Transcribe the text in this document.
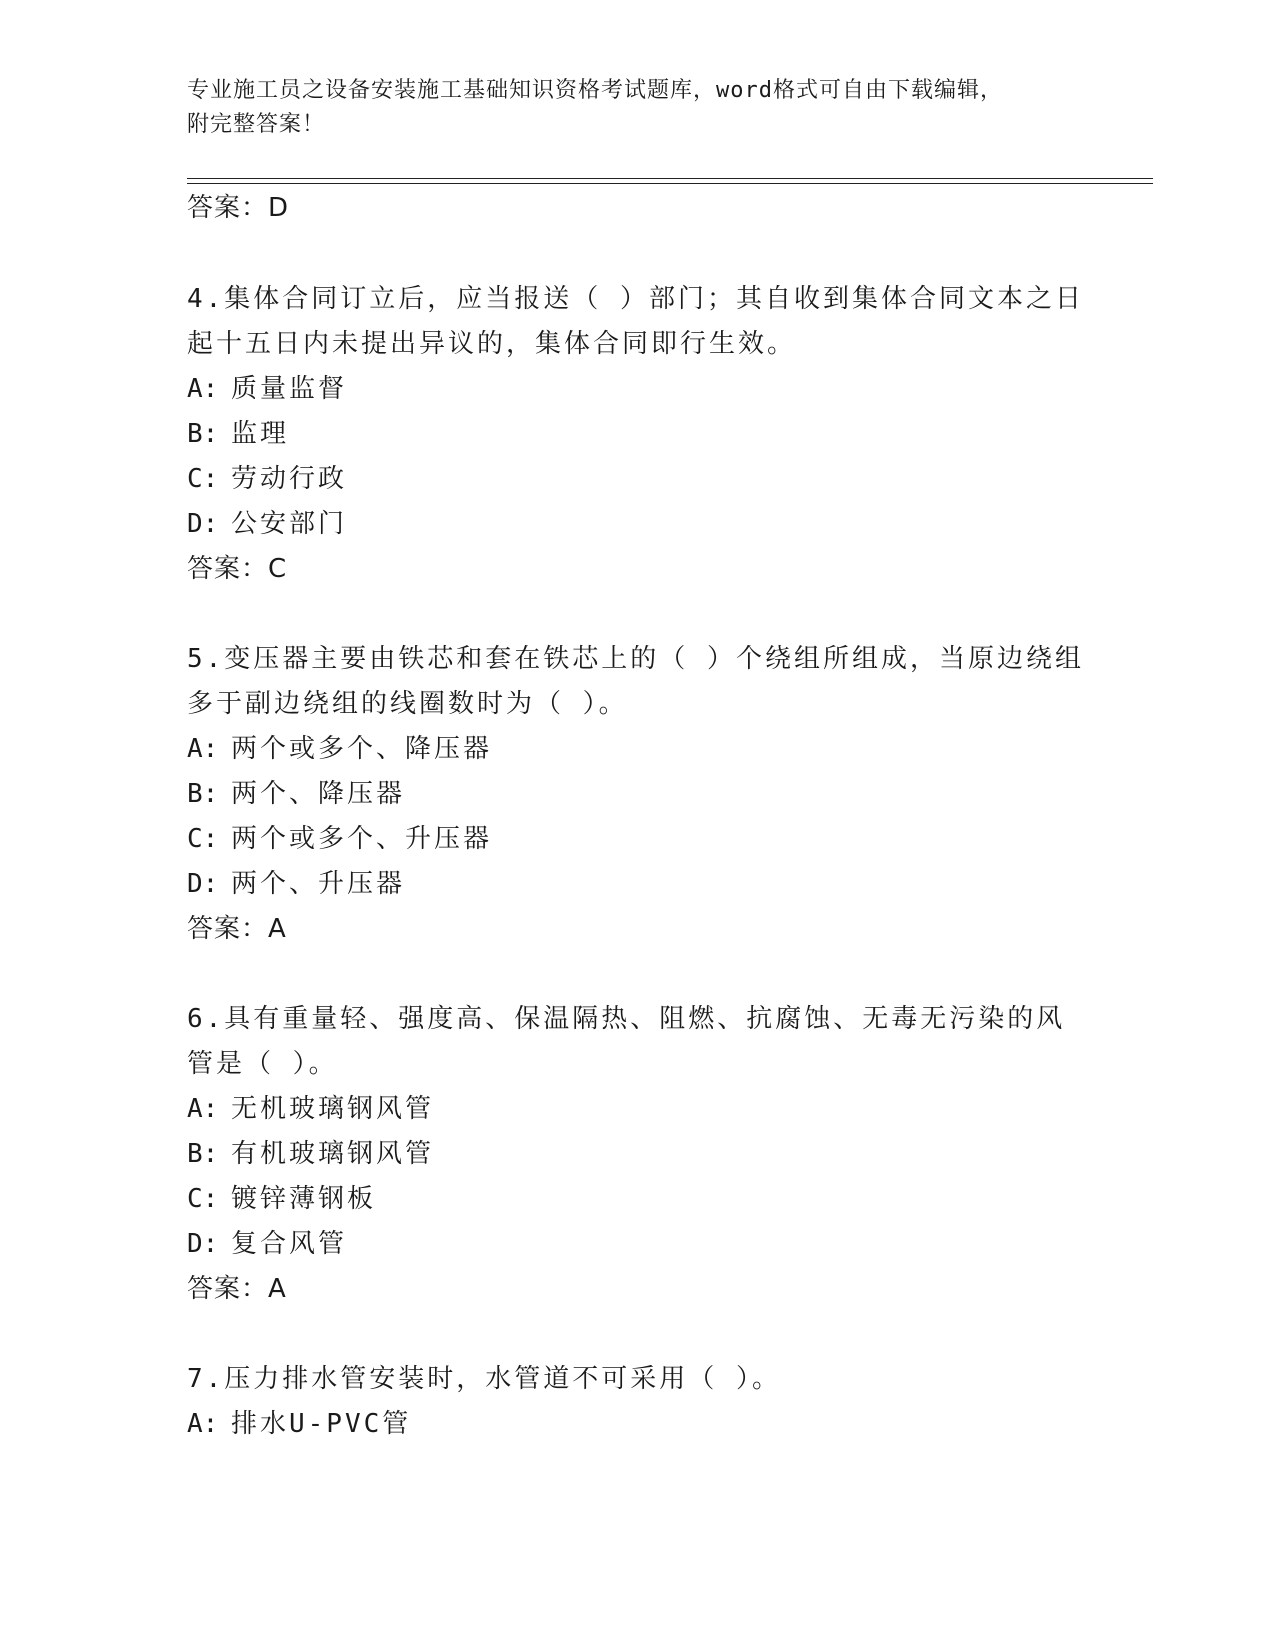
专业施工员之设备安装施工基础知识资格考试题库，word格式可自由下载编辑，
附完整答案！
答案：D
4.集体合同订立后，应当报送（ ）部门；其自收到集体合同文本之日
起十五日内未提出异议的，集体合同即行生效。
A: 质量监督
B: 监理
C: 劳动行政
D: 公安部门
答案：C
5.变压器主要由铁芯和套在铁芯上的（ ）个绕组所组成，当原边绕组
多于副边绕组的线圈数时为（ ）。
A: 两个或多个、降压器
B: 两个、降压器
C: 两个或多个、升压器
D: 两个、升压器
答案：A
6.具有重量轻、强度高、保温隔热、阻燃、抗腐蚀、无毒无污染的风
管是（ ）。
A: 无机玻璃钢风管
B: 有机玻璃钢风管
C: 镀锌薄钢板
D: 复合风管
答案：A
7.压力排水管安装时，水管道不可采用（ ）。
A: 排水U-PVC管
